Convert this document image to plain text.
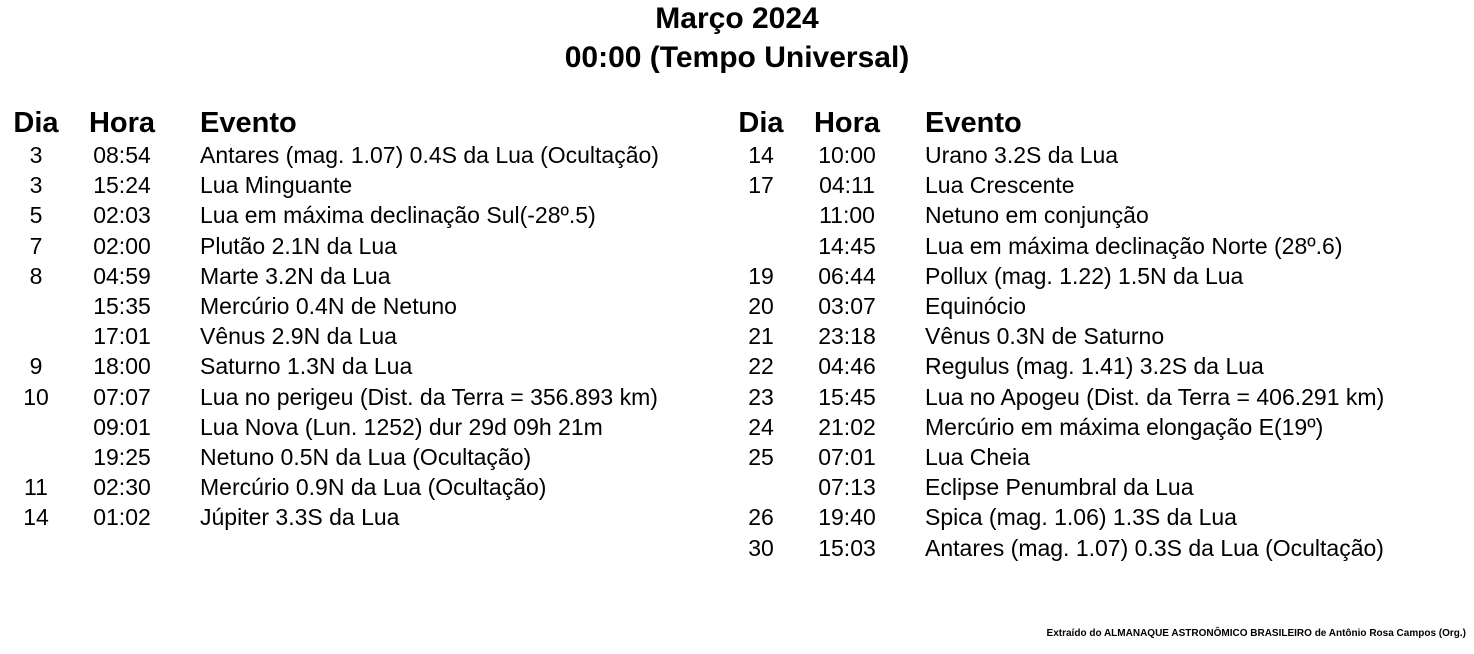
Março 2024
00:00 (Tempo Universal)
Dia	Hora	Evento
3	08:54	Antares (mag. 1.07) 0.4S da Lua (Ocultação)
3	15:24	Lua Minguante
5	02:03	Lua em máxima declinação Sul(-28º.5)
7	02:00	Plutão 2.1N da Lua
8	04:59	Marte 3.2N da Lua
	15:35	Mercúrio 0.4N de Netuno
	17:01	Vênus 2.9N da Lua
9	18:00	Saturno 1.3N da Lua
10	07:07	Lua no perigeu (Dist. da Terra = 356.893 km)
	09:01	Lua Nova (Lun. 1252) dur 29d 09h 21m
	19:25	Netuno 0.5N da Lua (Ocultação)
11	02:30	Mercúrio 0.9N da Lua (Ocultação)
14	01:02	Júpiter 3.3S da Lua
Dia	Hora	Evento
14	10:00	Urano 3.2S da Lua
17	04:11	Lua Crescente
	11:00	Netuno em conjunção
	14:45	Lua em máxima declinação Norte (28º.6)
19	06:44	Pollux (mag. 1.22) 1.5N da Lua
20	03:07	Equinócio
21	23:18	Vênus 0.3N de Saturno
22	04:46	Regulus (mag. 1.41) 3.2S da Lua
23	15:45	Lua no Apogeu (Dist. da Terra = 406.291 km)
24	21:02	Mercúrio em máxima elongação E(19º)
25	07:01	Lua Cheia
	07:13	Eclipse Penumbral da Lua
26	19:40	Spica (mag. 1.06) 1.3S da Lua
30	15:03	Antares (mag. 1.07) 0.3S da Lua (Ocultação)
Extraído do ALMANAQUE ASTRONÔMICO BRASILEIRO de Antônio Rosa Campos (Org.)
